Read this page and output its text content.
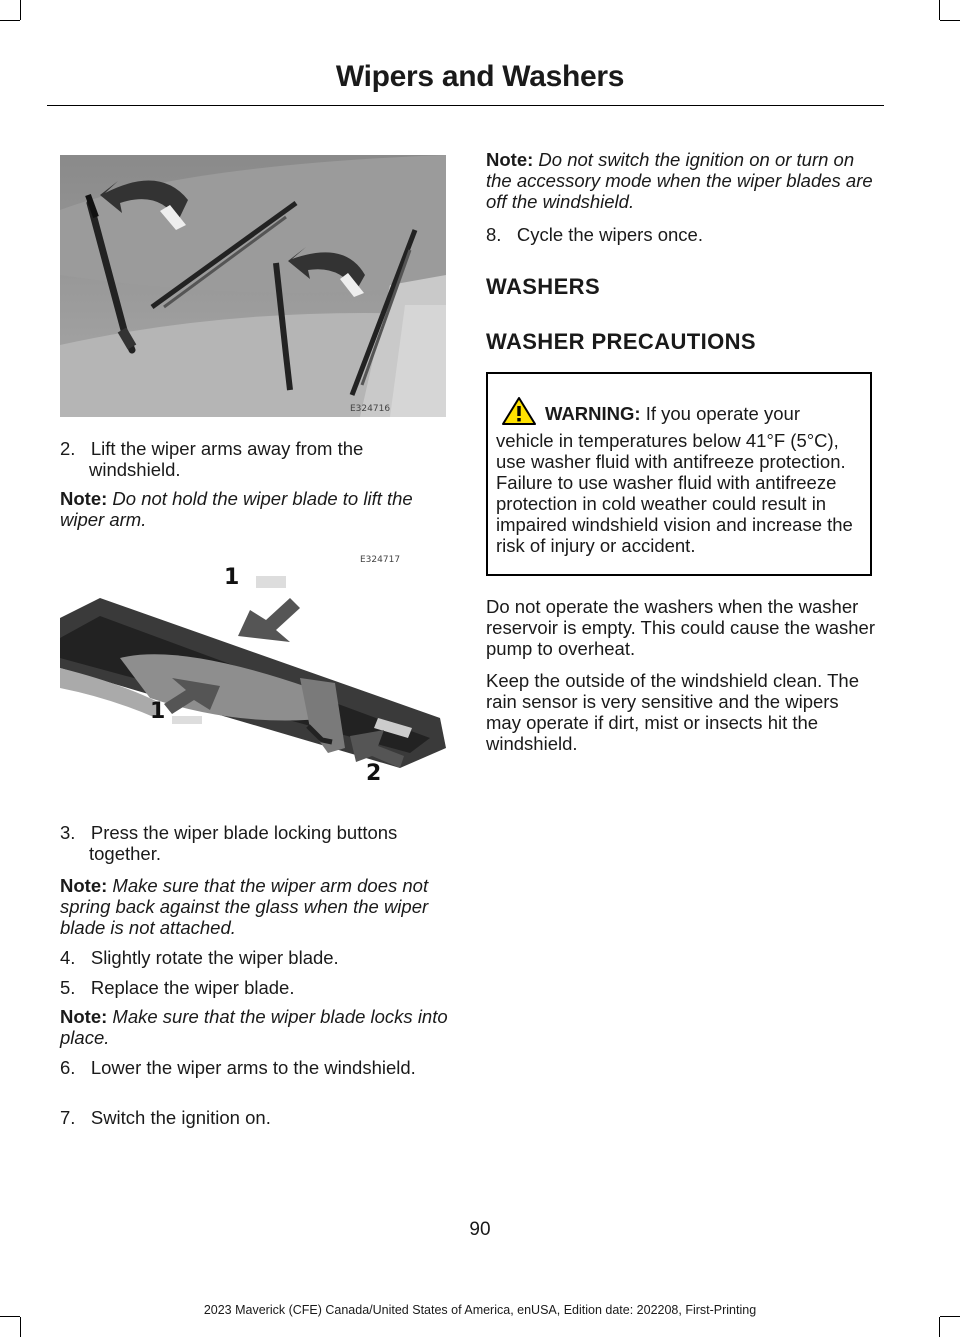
Wipers and Washers
E324716

2. Lift the wiper arms away from the windshield.

Note: Do not hold the wiper blade to lift the wiper arm.

1
1
2
E324717

3. Press the wiper blade locking buttons together.

Note: Make sure that the wiper arm does not spring back against the glass when the wiper blade is not attached.

4. Slightly rotate the wiper blade.

5. Replace the wiper blade.

Note: Make sure that the wiper blade locks into place.

6. Lower the wiper arms to the windshield.

7. Switch the ignition on.

Note: Do not switch the ignition on or turn on the accessory mode when the wiper blades are off the windshield.

8. Cycle the wipers once.

WASHERS
WASHER PRECAUTIONS
WARNING: If you operate your vehicle in temperatures below 41°F (5°C), use washer fluid with antifreeze protection. Failure to use washer fluid with antifreeze protection in cold weather could result in impaired windshield vision and increase the risk of injury or accident.

Do not operate the washers when the washer reservoir is empty. This could cause the washer pump to overheat.

Keep the outside of the windshield clean. The rain sensor is very sensitive and the wipers may operate if dirt, mist or insects hit the windshield.

90
2023 Maverick (CFE) Canada/United States of America, enUSA, Edition date: 202208, First-Printing
